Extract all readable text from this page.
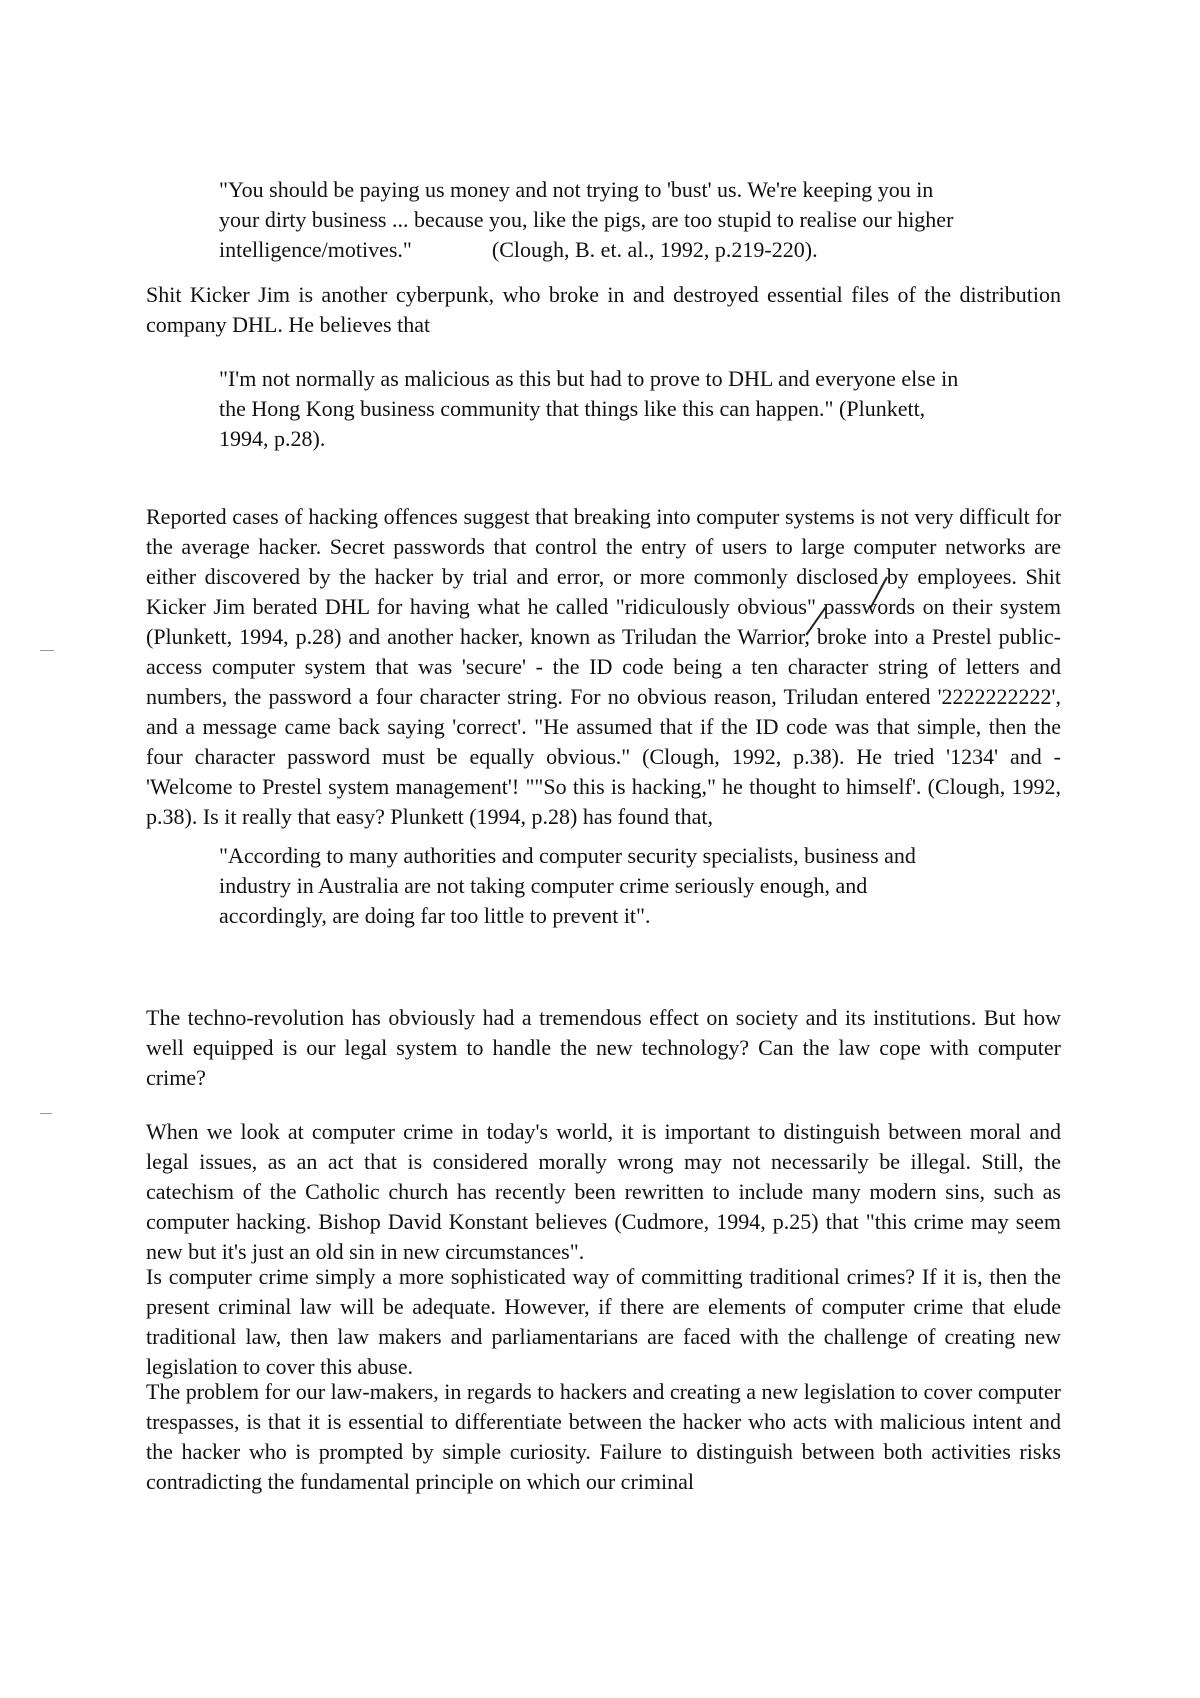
"You should be paying us money and not trying to 'bust' us. We're keeping you in your dirty business ... because you, like the pigs, are too stupid to realise our higher intelligence/motives."	(Clough, B. et. al., 1992, p.219-220).

Shit Kicker Jim is another cyberpunk, who broke in and destroyed essential files of the distribution company DHL. He believes that

"I'm not normally as malicious as this but had to prove to DHL and everyone else in the Hong Kong business community that things like this can happen." (Plunkett, 1994, p.28).

Reported cases of hacking offences suggest that breaking into computer systems is not very difficult for the average hacker. Secret passwords that control the entry of users to large computer networks are either discovered by the hacker by trial and error, or more commonly disclosed by employees. Shit Kicker Jim berated DHL for having what he called "ridiculously obvious" passwords on their system (Plunkett, 1994, p.28) and another hacker, known as Triludan the Warrior, broke into a Prestel public-access computer system that was 'secure' - the ID code being a ten character string of letters and numbers, the password a four character string. For no obvious reason, Triludan entered '2222222222', and a message came back saying 'correct'. "He assumed that if the ID code was that simple, then the four character password must be equally obvious." (Clough, 1992, p.38). He tried '1234' and - 'Welcome to Prestel system management'! ""So this is hacking," he thought to himself'. (Clough, 1992, p.38). Is it really that easy? Plunkett (1994, p.28) has found that,

"According to many authorities and computer security specialists, business and industry in Australia are not taking computer crime seriously enough, and accordingly, are doing far too little to prevent it".

The techno-revolution has obviously had a tremendous effect on society and its institutions. But how well equipped is our legal system to handle the new technology? Can the law cope with computer crime?

When we look at computer crime in today's world, it is important to distinguish between moral and legal issues, as an act that is considered morally wrong may not necessarily be illegal. Still, the catechism of the Catholic church has recently been rewritten to include many modern sins, such as computer hacking. Bishop David Konstant believes (Cudmore, 1994, p.25) that "this crime may seem new but it's just an old sin in new circumstances".

Is computer crime simply a more sophisticated way of committing traditional crimes? If it is, then the present criminal law will be adequate. However, if there are elements of computer crime that elude traditional law, then law makers and parliamentarians are faced with the challenge of creating new legislation to cover this abuse.

The problem for our law-makers, in regards to hackers and creating a new legislation to cover computer trespasses, is that it is essential to differentiate between the hacker who acts with malicious intent and the hacker who is prompted by simple curiosity. Failure to distinguish between both activities risks contradicting the fundamental principle on which our criminal
